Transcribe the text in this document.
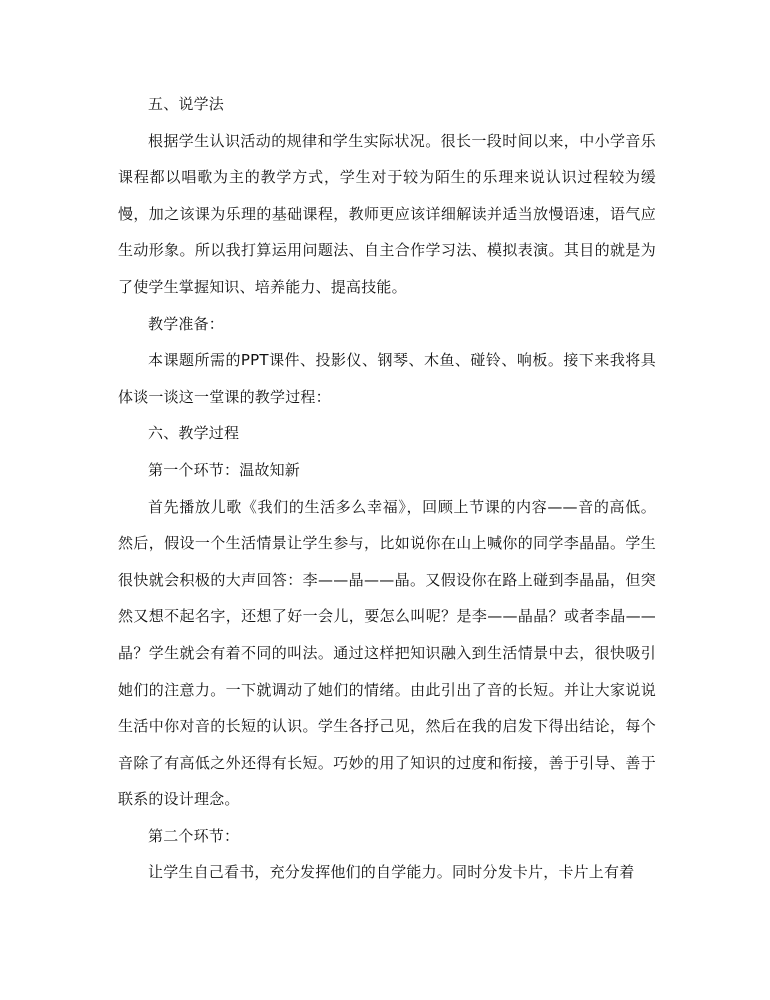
五、说学法

根据学生认识活动的规律和学生实际状况。很长一段时间以来，中小学音乐课程都以唱歌为主的教学方式，学生对于较为陌生的乐理来说认识过程较为缓慢，加之该课为乐理的基础课程，教师更应该详细解读并适当放慢语速，语气应生动形象。所以我打算运用问题法、自主合作学习法、模拟表演。其目的就是为了使学生掌握知识、培养能力、提高技能。

教学准备：

本课题所需的PPT课件、投影仪、钢琴、木鱼、碰铃、响板。接下来我将具体谈一谈这一堂课的教学过程：

六、教学过程

第一个环节：温故知新

首先播放儿歌《我们的生活多么幸福》，回顾上节课的内容——音的高低。然后，假设一个生活情景让学生参与，比如说你在山上喊你的同学李晶晶。学生很快就会积极的大声回答：李——晶——晶。又假设你在路上碰到李晶晶，但突然又想不起名字，还想了好一会儿，要怎么叫呢？是李——晶晶？或者李晶——晶？学生就会有着不同的叫法。通过这样把知识融入到生活情景中去，很快吸引她们的注意力。一下就调动了她们的情绪。由此引出了音的长短。并让大家说说生活中你对音的长短的认识。学生各抒己见，然后在我的启发下得出结论，每个音除了有高低之外还得有长短。巧妙的用了知识的过度和衔接，善于引导、善于联系的设计理念。

第二个环节：

让学生自己看书，充分发挥他们的自学能力。同时分发卡片，卡片上有着
